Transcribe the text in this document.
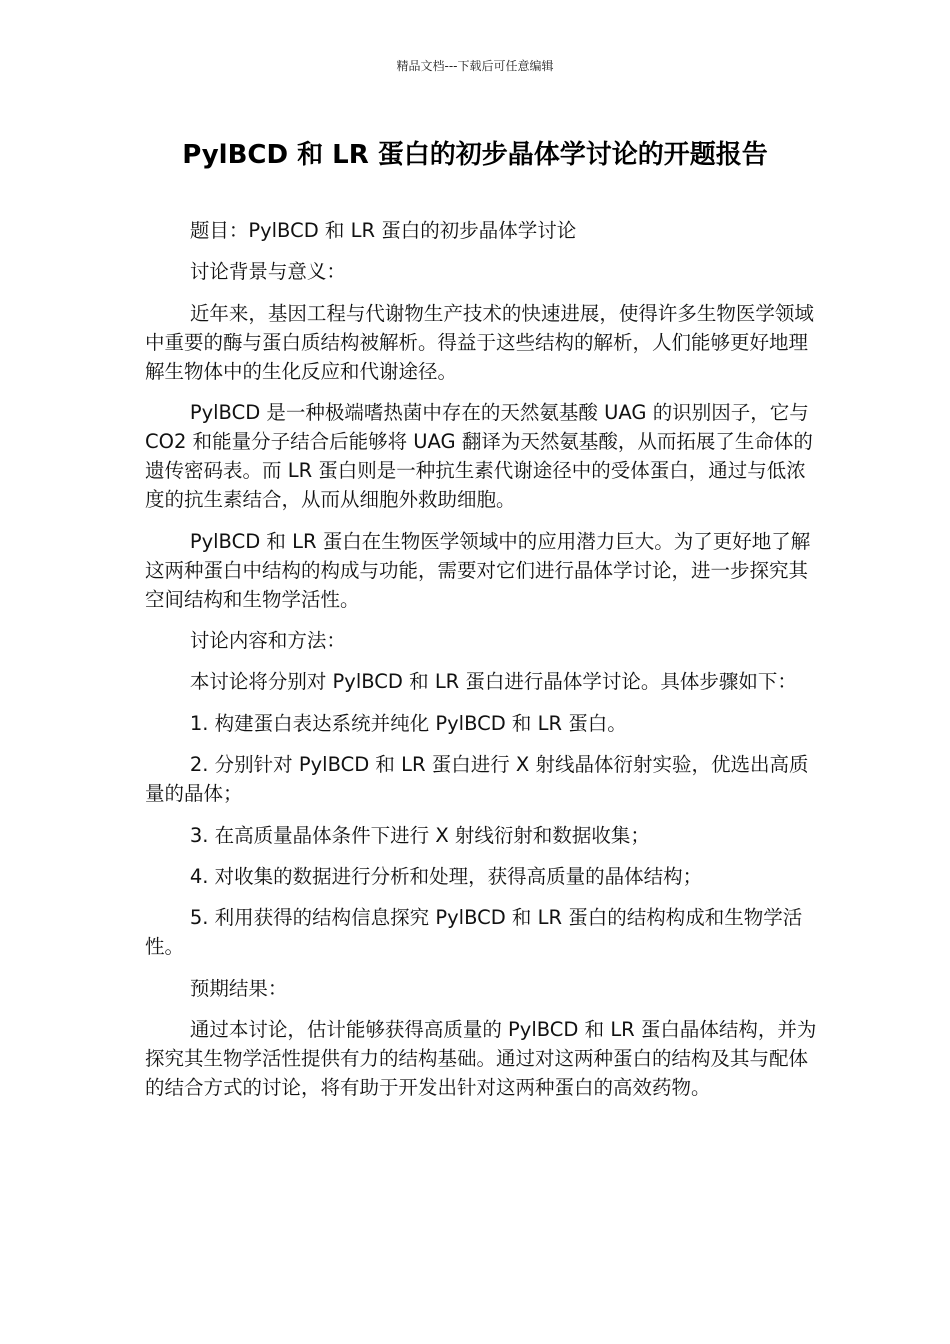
精品文档---下载后可任意编辑
PylBCD 和 LR 蛋白的初步晶体学讨论的开题报告

题目：PylBCD 和 LR 蛋白的初步晶体学讨论

讨论背景与意义：

近年来，基因工程与代谢物生产技术的快速进展，使得许多生物医学领域中重要的酶与蛋白质结构被解析。得益于这些结构的解析，人们能够更好地理解生物体中的生化反应和代谢途径。

PylBCD 是一种极端嗜热菌中存在的天然氨基酸 UAG 的识别因子，它与 CO2 和能量分子结合后能够将 UAG 翻译为天然氨基酸，从而拓展了生命体的遗传密码表。而 LR 蛋白则是一种抗生素代谢途径中的受体蛋白，通过与低浓度的抗生素结合，从而从细胞外救助细胞。

PylBCD 和 LR 蛋白在生物医学领域中的应用潜力巨大。为了更好地了解这两种蛋白中结构的构成与功能，需要对它们进行晶体学讨论，进一步探究其空间结构和生物学活性。

讨论内容和方法：

本讨论将分别对 PylBCD 和 LR 蛋白进行晶体学讨论。具体步骤如下：

1. 构建蛋白表达系统并纯化 PylBCD 和 LR 蛋白。

2. 分别针对 PylBCD 和 LR 蛋白进行 X 射线晶体衍射实验，优选出高质量的晶体；

3. 在高质量晶体条件下进行 X 射线衍射和数据收集；

4. 对收集的数据进行分析和处理，获得高质量的晶体结构；

5. 利用获得的结构信息探究 PylBCD 和 LR 蛋白的结构构成和生物学活性。

预期结果：

通过本讨论，估计能够获得高质量的 PylBCD 和 LR 蛋白晶体结构，并为探究其生物学活性提供有力的结构基础。通过对这两种蛋白的结构及其与配体的结合方式的讨论，将有助于开发出针对这两种蛋白的高效药物。
